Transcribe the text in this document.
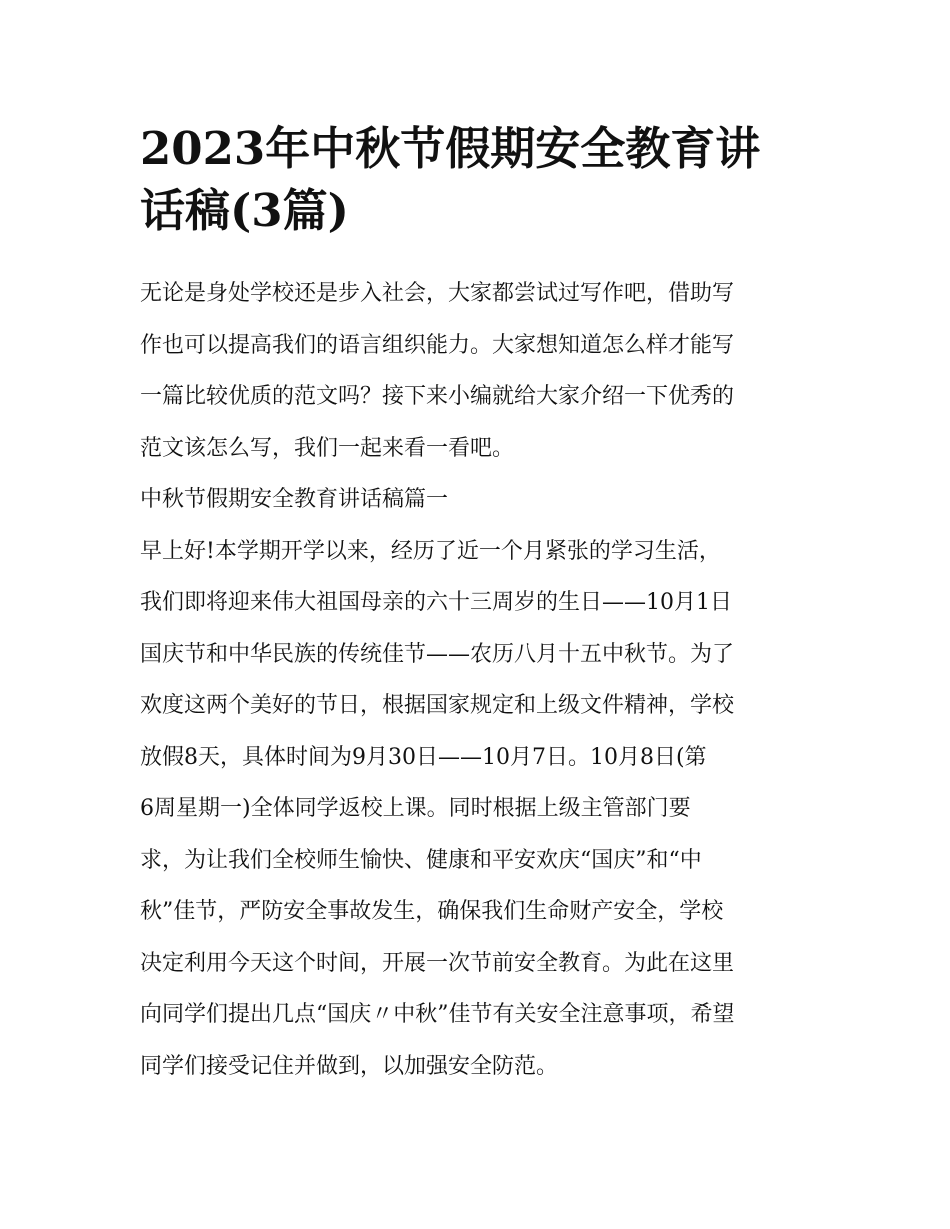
2023年中秋节假期安全教育讲
话稿(3篇)
无论是身处学校还是步入社会，大家都尝试过写作吧，借助写
作也可以提高我们的语言组织能力。大家想知道怎么样才能写
一篇比较优质的范文吗？接下来小编就给大家介绍一下优秀的
范文该怎么写，我们一起来看一看吧。
中秋节假期安全教育讲话稿篇一
早上好!本学期开学以来，经历了近一个月紧张的学习生活，
我们即将迎来伟大祖国母亲的六十三周岁的生日——10月1日
国庆节和中华民族的传统佳节——农历八月十五中秋节。为了
欢度这两个美好的节日，根据国家规定和上级文件精神，学校
放假8天，具体时间为9月30日——10月7日。10月8日(第
6周星期一)全体同学返校上课。同时根据上级主管部门要
求，为让我们全校师生愉快、健康和平安欢庆“国庆”和“中
秋”佳节，严防安全事故发生，确保我们生命财产安全，学校
决定利用今天这个时间，开展一次节前安全教育。为此在这里
向同学们提出几点“国庆〃中秋”佳节有关安全注意事项，希望
同学们接受记住并做到，以加强安全防范。
